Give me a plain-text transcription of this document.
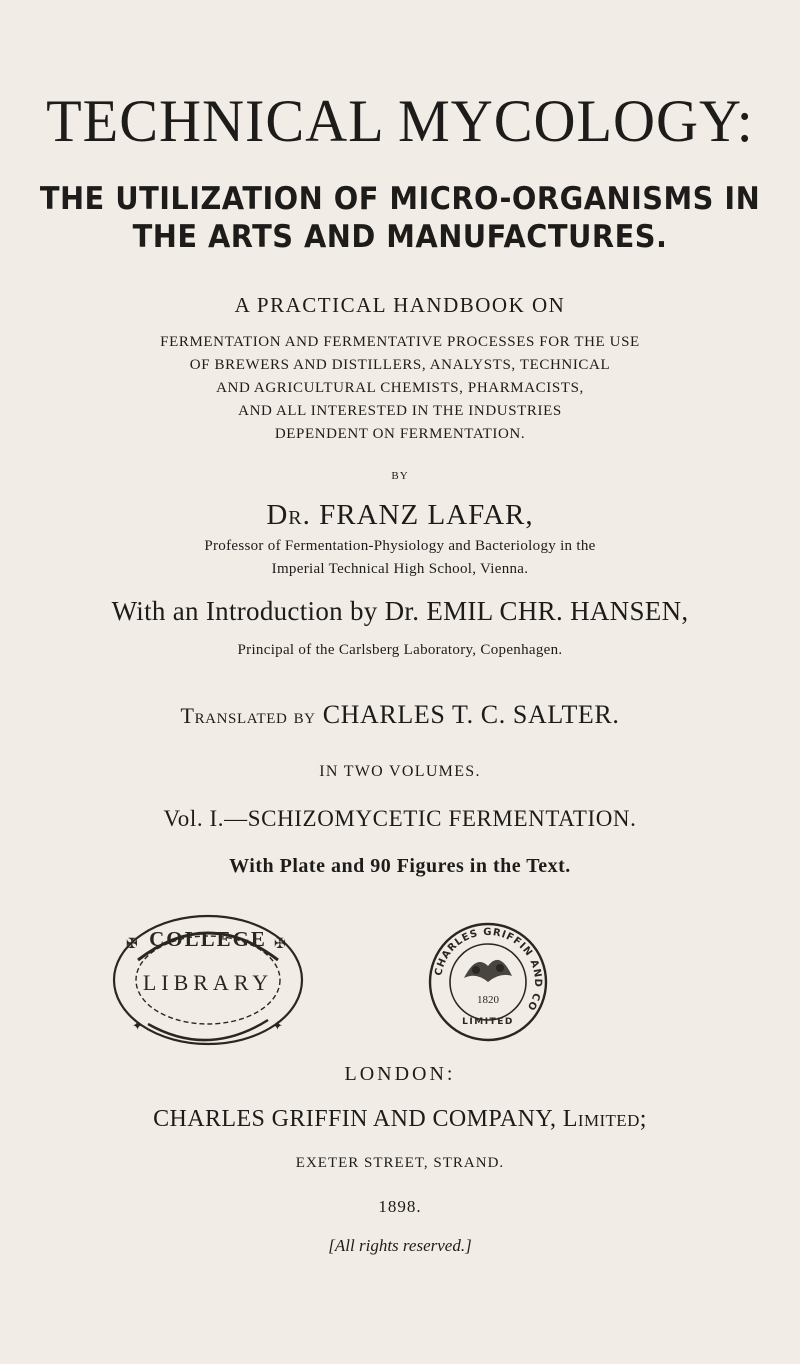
TECHNICAL MYCOLOGY:
THE UTILIZATION OF MICRO-ORGANISMS IN
THE ARTS AND MANUFACTURES.
A PRACTICAL HANDBOOK ON
FERMENTATION AND FERMENTATIVE PROCESSES FOR THE USE
OF BREWERS AND DISTILLERS, ANALYSTS, TECHNICAL
AND AGRICULTURAL CHEMISTS, PHARMACISTS,
AND ALL INTERESTED IN THE INDUSTRIES
DEPENDENT ON FERMENTATION.
BY
Dr. FRANZ LAFAR,
Professor of Fermentation-Physiology and Bacteriology in the
Imperial Technical High School, Vienna.
With an Introduction by Dr. EMIL CHR. HANSEN,
Principal of the Carlsberg Laboratory, Copenhagen.
Translated by CHARLES T. C. SALTER.
IN TWO VOLUMES.
Vol. I.—SCHIZOMYCETIC FERMENTATION.
With Plate and 90 Figures in the Text.
COLLEGE
LIBRARY
✠	✠
✦	✦
CHARLES GRIFFIN AND CO
1820
LIMITED
LONDON:
CHARLES GRIFFIN AND COMPANY, Limited;
EXETER STREET, STRAND.
1898.
[All rights reserved.]
